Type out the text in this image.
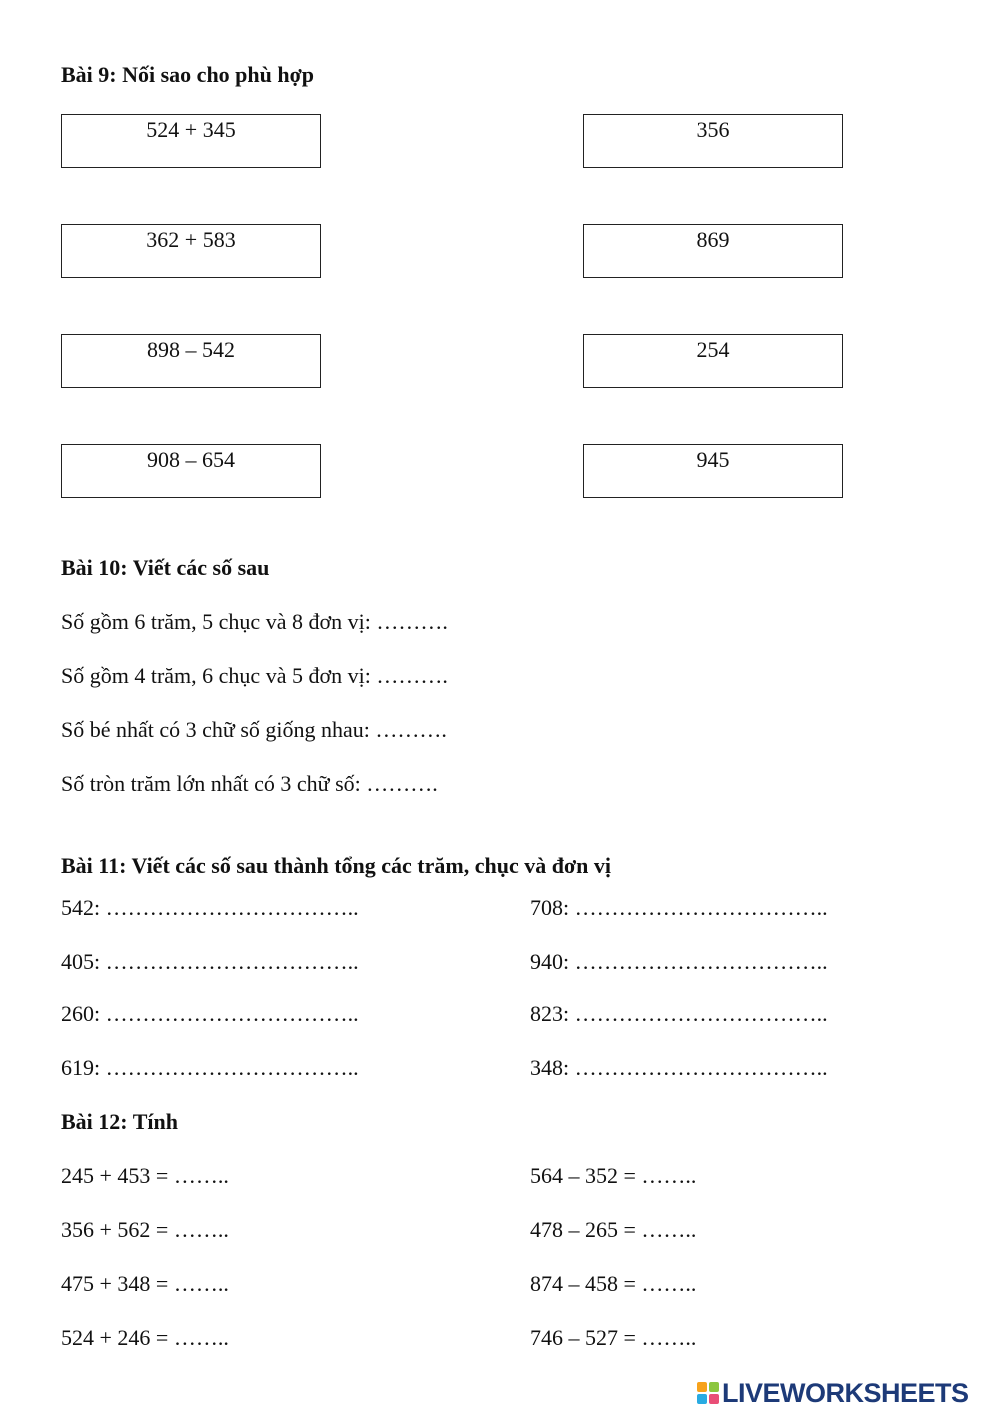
Bài 9: Nối sao cho phù hợp
524 + 345
362 + 583
898 – 542
908 – 654
356
869
254
945
Bài 10: Viết các số sau
Số gồm 6 trăm, 5 chục và 8 đơn vị: ……….
Số gồm 4 trăm, 6 chục và 5 đơn vị: ……….
Số bé nhất có 3 chữ số giống nhau: ……….
Số tròn trăm lớn nhất có 3 chữ số: ……….
Bài 11: Viết các số sau thành tổng các trăm, chục và đơn vị
542: ……………………………..
405: ……………………………..
260: ……………………………..
619: ……………………………..
708: ……………………………..
940: ……………………………..
823: ……………………………..
348: ……………………………..
Bài 12: Tính
245 + 453 = ……..
356 + 562 = ……..
475 + 348 = ……..
524 + 246 = ……..
564 – 352 = ……..
478 – 265 = ……..
874 – 458 = ……..
746 – 527 = ……..
LIVEWORKSHEETS
